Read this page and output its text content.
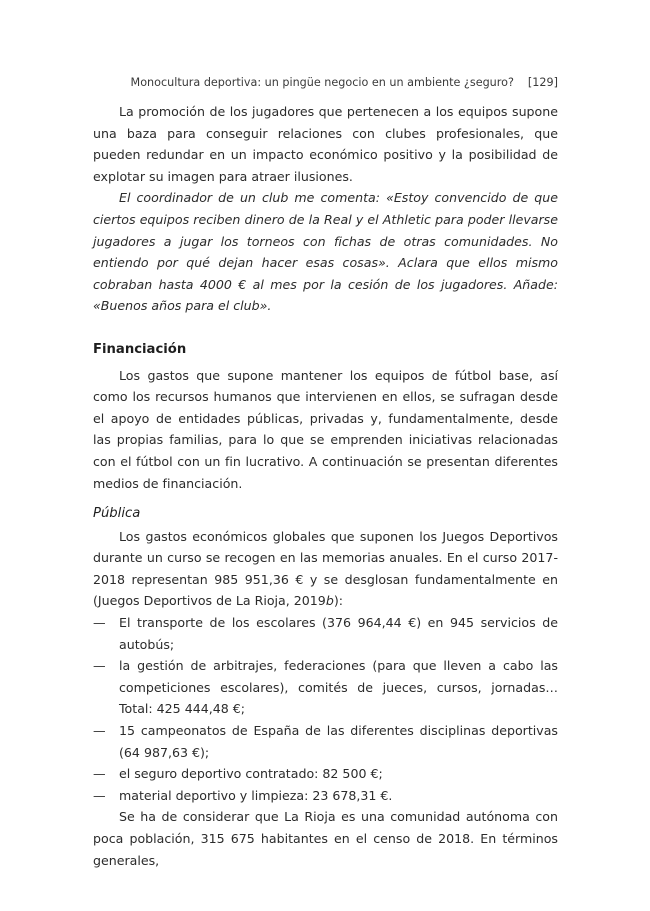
Monocultura deportiva: un pingüe negocio en un ambiente ¿seguro? [129]

La promoción de los jugadores que pertenecen a los equipos supone una baza para conseguir relaciones con clubes profesionales, que pueden redundar en un impacto económico positivo y la posibilidad de explotar su imagen para atraer ilusiones.

El coordinador de un club me comenta: «Estoy convencido de que ciertos equipos reciben dinero de la Real y el Athletic para poder llevarse jugadores a jugar los torneos con fichas de otras comunidades. No entiendo por qué dejan hacer esas cosas». Aclara que ellos mismo cobraban hasta 4000 € al mes por la cesión de los jugadores. Añade: «Buenos años para el club».

Financiación

Los gastos que supone mantener los equipos de fútbol base, así como los recursos humanos que intervienen en ellos, se sufragan desde el apoyo de entidades públicas, privadas y, fundamentalmente, desde las propias familias, para lo que se emprenden iniciativas relacionadas con el fútbol con un fin lucrativo. A continuación se presentan diferentes medios de financiación.

Pública

Los gastos económicos globales que suponen los Juegos Deportivos durante un curso se recogen en las memorias anuales. En el curso 2017-2018 representan 985 951,36 € y se desglosan fundamentalmente en (Juegos Deportivos de La Rioja, 2019b):

— El transporte de los escolares (376 964,44 €) en 945 servicios de autobús;
— la gestión de arbitrajes, federaciones (para que lleven a cabo las competiciones escolares), comités de jueces, cursos, jornadas… Total: 425 444,48 €;
— 15 campeonatos de España de las diferentes disciplinas deportivas (64 987,63 €);
— el seguro deportivo contratado: 82 500 €;
— material deportivo y limpieza: 23 678,31 €.

Se ha de considerar que La Rioja es una comunidad autónoma con poca población, 315 675 habitantes en el censo de 2018. En términos generales,
